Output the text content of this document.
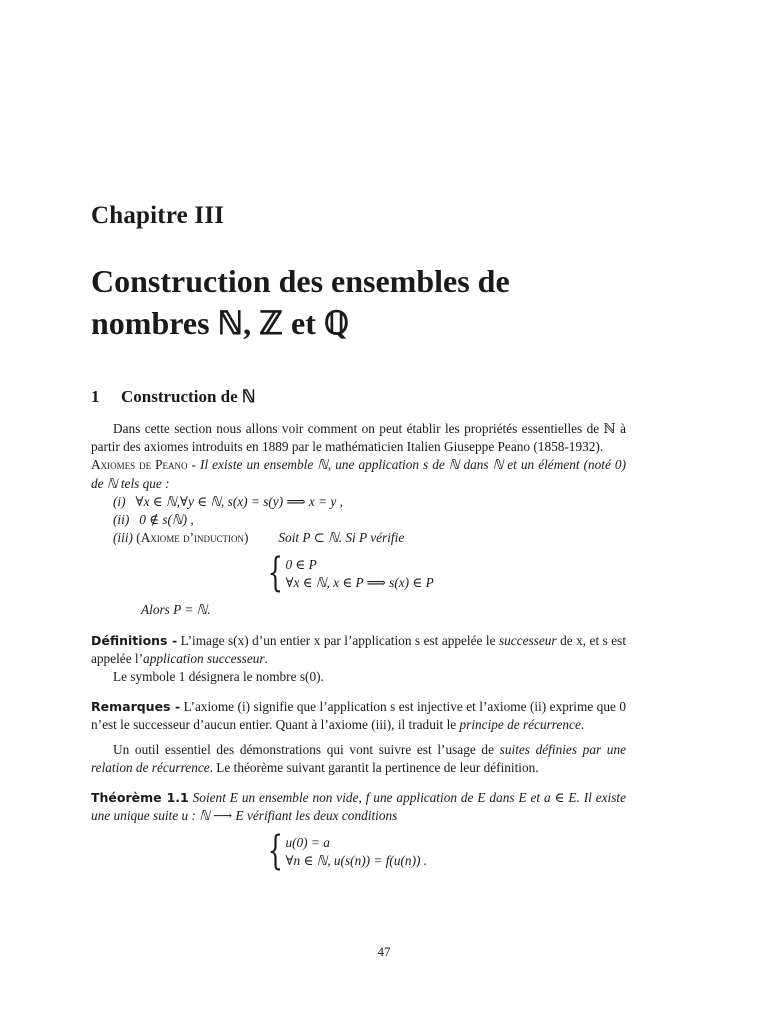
Chapitre III
Construction des ensembles de
nombres ℕ, ℤ et ℚ
1 Construction de ℕ

Dans cette section nous allons voir comment on peut établir les propriétés essentielles de ℕ à partir des axiomes introduits en 1889 par le mathématicien Italien Giuseppe Peano (1858-1932).

Axiomes de Peano - Il existe un ensemble ℕ, une application s de ℕ dans ℕ et un élément (noté 0) de ℕ tels que :

(i) ∀x ∈ ℕ,∀y ∈ ℕ, s(x) = s(y) ⟹ x = y ,

(ii) 0 ∉ s(ℕ) ,

(iii) (Axiome d’induction) Soit P ⊂ ℕ. Si P vérifie

{ 0 ∈ P
∀x ∈ ℕ, x ∈ P ⟹ s(x) ∈ P

Alors P = ℕ.

Définitions - L’image s(x) d’un entier x par l’application s est appelée le successeur de x, et s est appelée l’application successeur.

Le symbole 1 désignera le nombre s(0).

Remarques - L’axiome (i) signifie que l’application s est injective et l’axiome (ii) exprime que 0 n’est le successeur d’aucun entier. Quant à l’axiome (iii), il traduit le principe de récurrence.

Un outil essentiel des démonstrations qui vont suivre est l’usage de suites définies par une relation de récurrence. Le théorème suivant garantit la pertinence de leur définition.

Théorème 1.1 Soient E un ensemble non vide, f une application de E dans E et a ∈ E. Il existe une unique suite u : ℕ ⟶ E vérifiant les deux conditions

{ u(0) = a
∀n ∈ ℕ, u(s(n)) = f(u(n)) .
47
